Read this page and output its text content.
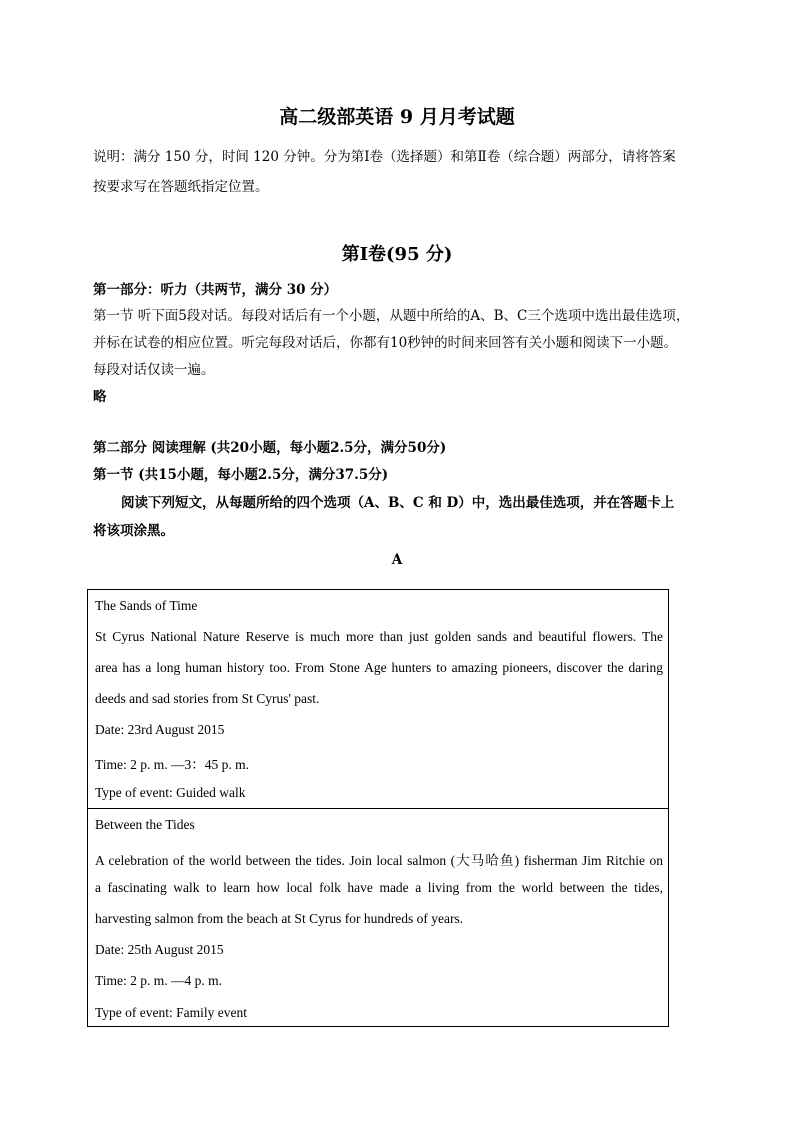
高二级部英语 9 月月考试题
说明：满分 150 分，时间 120 分钟。分为第Ⅰ卷（选择题）和第Ⅱ卷（综合题）两部分，请将答案
按要求写在答题纸指定位置。
第Ⅰ卷(95 分)
第一部分：听力（共两节，满分 30 分）
第一节 听下面5段对话。每段对话后有一个小题，从题中所给的A、B、C三个选项中选出最佳选项，
并标在试卷的相应位置。听完每段对话后，你都有10秒钟的时间来回答有关小题和阅读下一小题。
每段对话仅读一遍。
略
第二部分 阅读理解 (共20小题，每小题2.5分，满分50分)
第一节 (共15小题，每小题2.5分，满分37.5分)
阅读下列短文，从每题所给的四个选项（A、B、C 和 D）中，选出最佳选项，并在答题卡上
将该项涂黑。
A
The Sands of Time
St Cyrus National Nature Reserve is much more than just golden sands and beautiful flowers. The
area has a long human history too. From Stone Age hunters to amazing pioneers, discover the daring
deeds and sad stories from St Cyrus' past.
Date: 23rd August 2015
Time: 2 p. m. —3：45 p. m.
Type of event: Guided walk
Between the Tides
A celebration of the world between the tides. Join local salmon (大马哈鱼) fisherman Jim Ritchie on
a fascinating walk to learn how local folk have made a living from the world between the tides,
harvesting salmon from the beach at St Cyrus for hundreds of years.
Date: 25th August 2015
Time: 2 p. m. —4 p. m.
Type of event: Family event
